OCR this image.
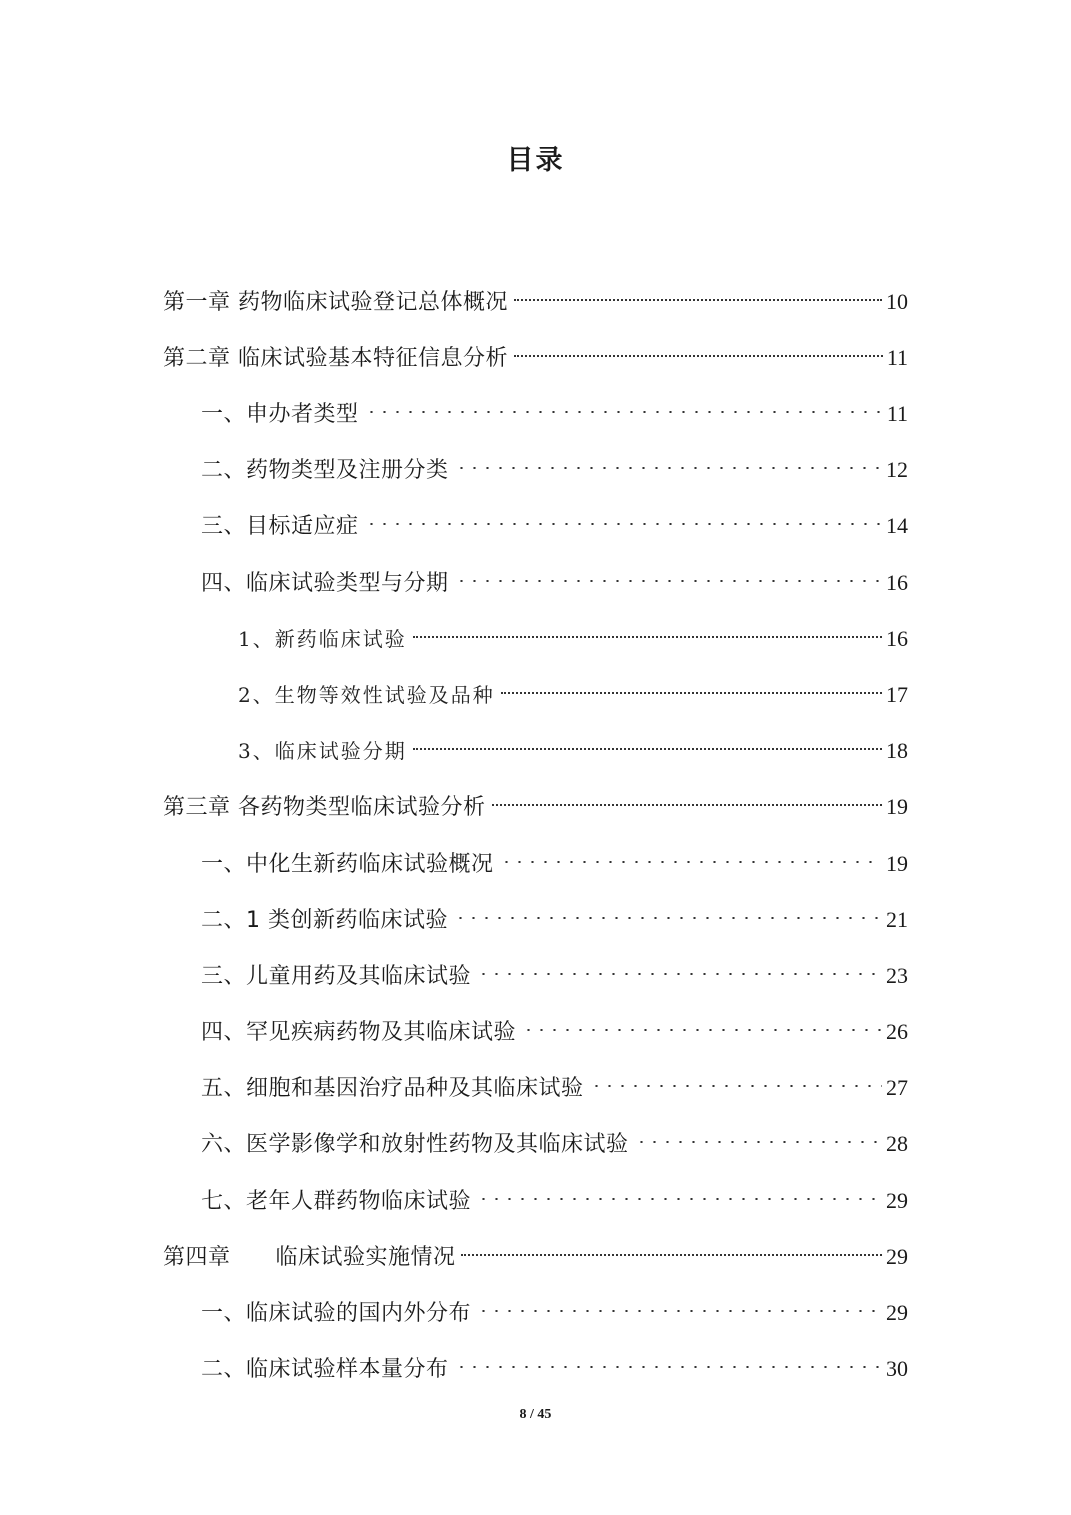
目录
第一章 药物临床试验登记总体概况	10
第二章 临床试验基本特征信息分析	11
一、申办者类型	11
二、药物类型及注册分类	12
三、目标适应症	14
四、临床试验类型与分期	16
1、新药临床试验	16
2、生物等效性试验及品种	17
3、临床试验分期	18
第三章 各药物类型临床试验分析	19
一、中化生新药临床试验概况	19
二、1 类创新药临床试验	21
三、儿童用药及其临床试验	23
四、罕见疾病药物及其临床试验	26
五、细胞和基因治疗品种及其临床试验	27
六、医学影像学和放射性药物及其临床试验	28
七、老年人群药物临床试验	29
第四章      临床试验实施情况	29
一、临床试验的国内外分布	29
二、临床试验样本量分布	30
8 / 45
